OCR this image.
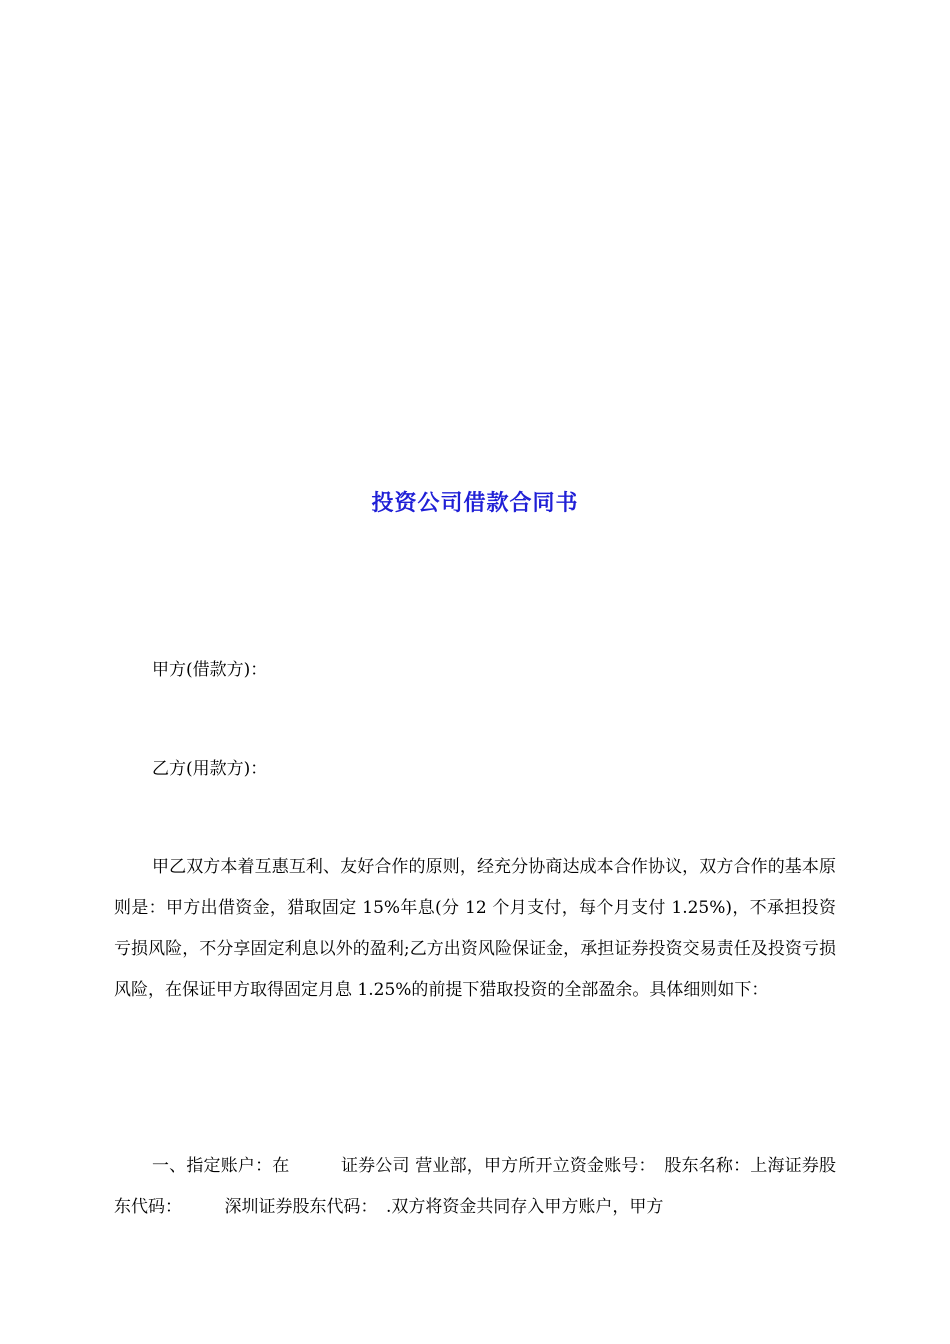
投资公司借款合同书
甲方(借款方)：
乙方(用款方)：
甲乙双方本着互惠互利、友好合作的原则，经充分协商达成本合作协议，双方合作的基本原则是：甲方出借资金，猎取固定 15%年息(分 12 个月支付，每个月支付 1.25%)，不承担投资亏损风险，不分享固定利息以外的盈利;乙方出资风险保证金，承担证券投资交易责任及投资亏损风险，在保证甲方取得固定月息 1.25%的前提下猎取投资的全部盈余。具体细则如下：
一、指定账户：在　　　证券公司 营业部，甲方所开立资金账号：　股东名称：上海证券股东代码：　　　深圳证券股东代码：　.双方将资金共同存入甲方账户，甲方
